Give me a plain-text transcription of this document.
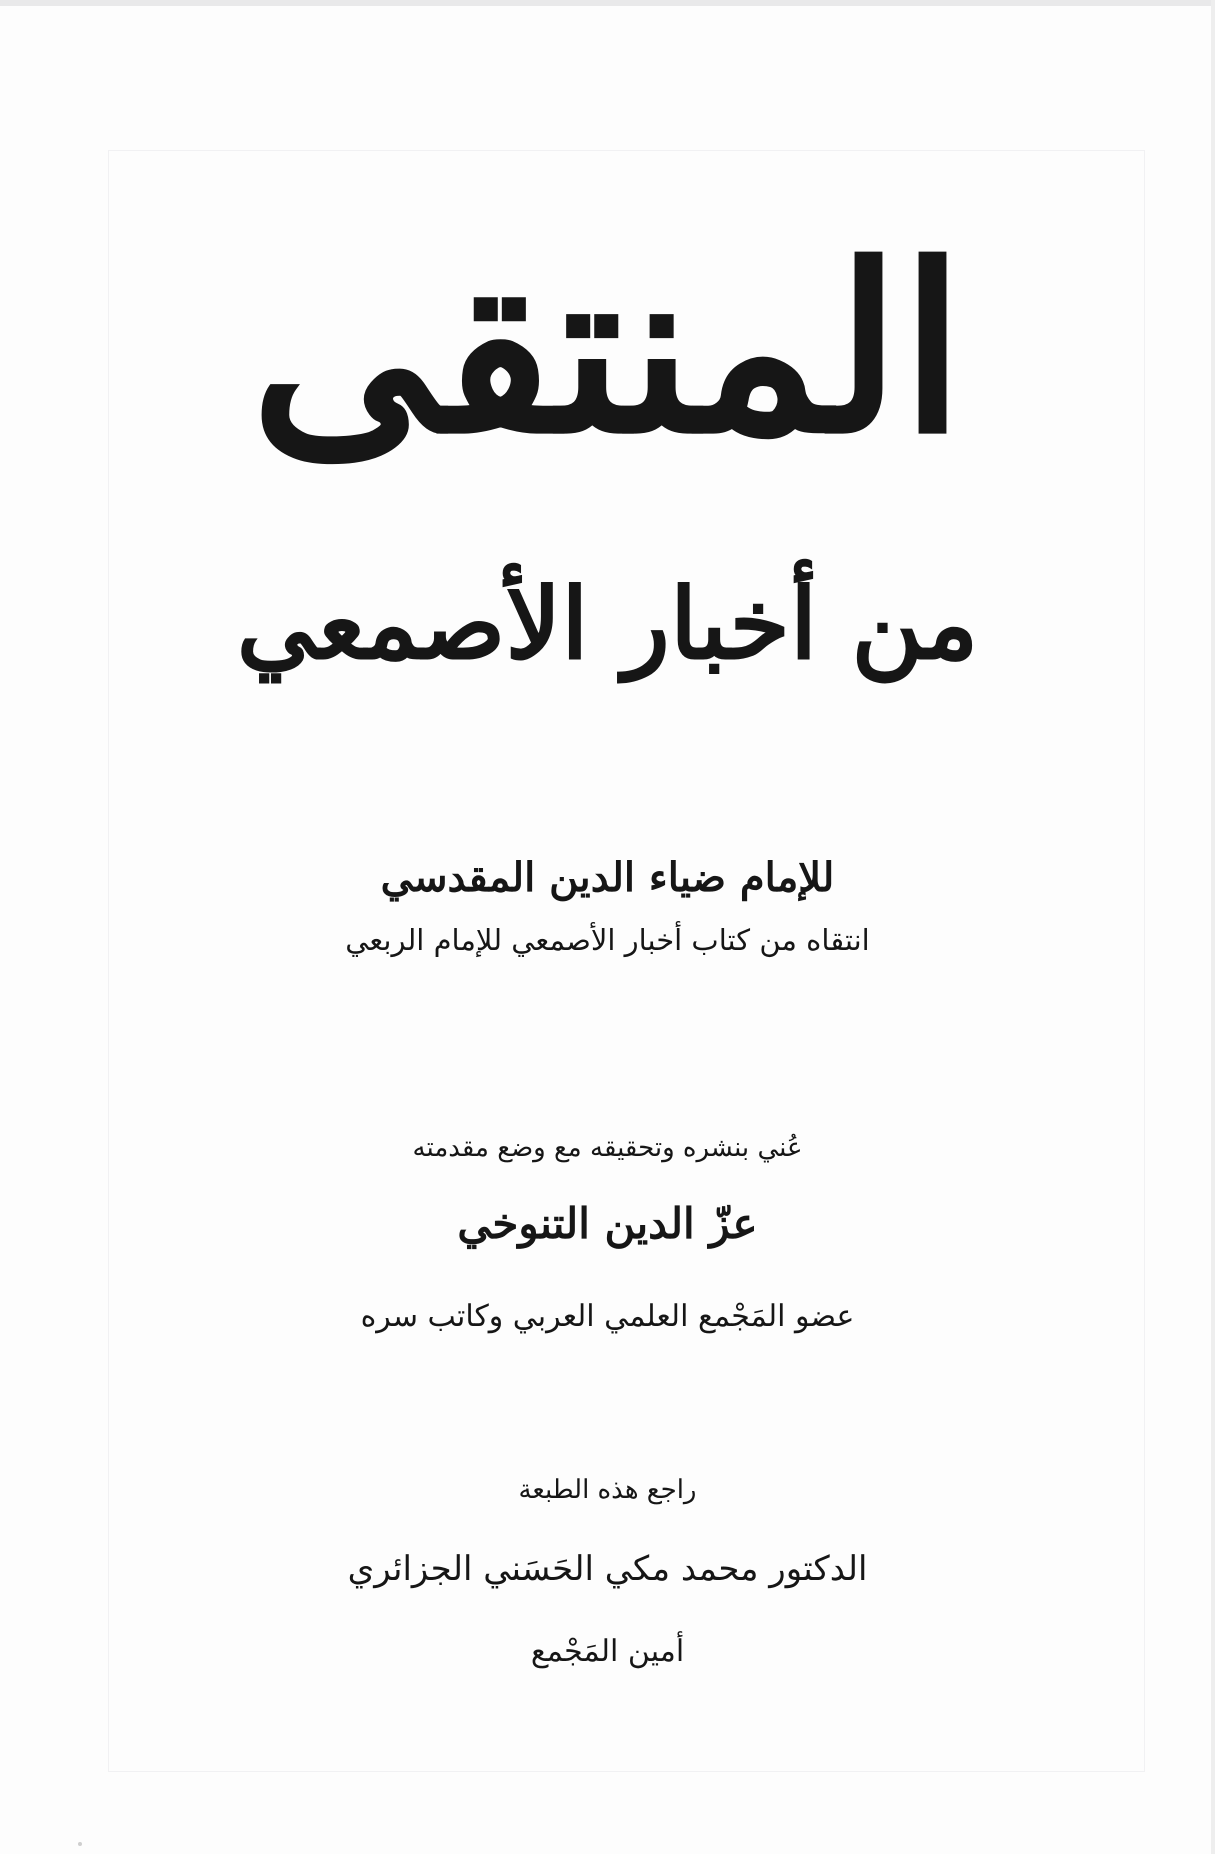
المنتقى
من أخبار الأصمعي

للإمام ضياء الدين المقدسي

انتقاه من كتاب أخبار الأصمعي للإمام الربعي

عُني بنشره وتحقيقه مع وضع مقدمته

عزّ الدين التنوخي

عضو المَجْمع العلمي العربي وكاتب سره

راجع هذه الطبعة

الدكتور محمد مكي الحَسَني الجزائري

أمين المَجْمع
